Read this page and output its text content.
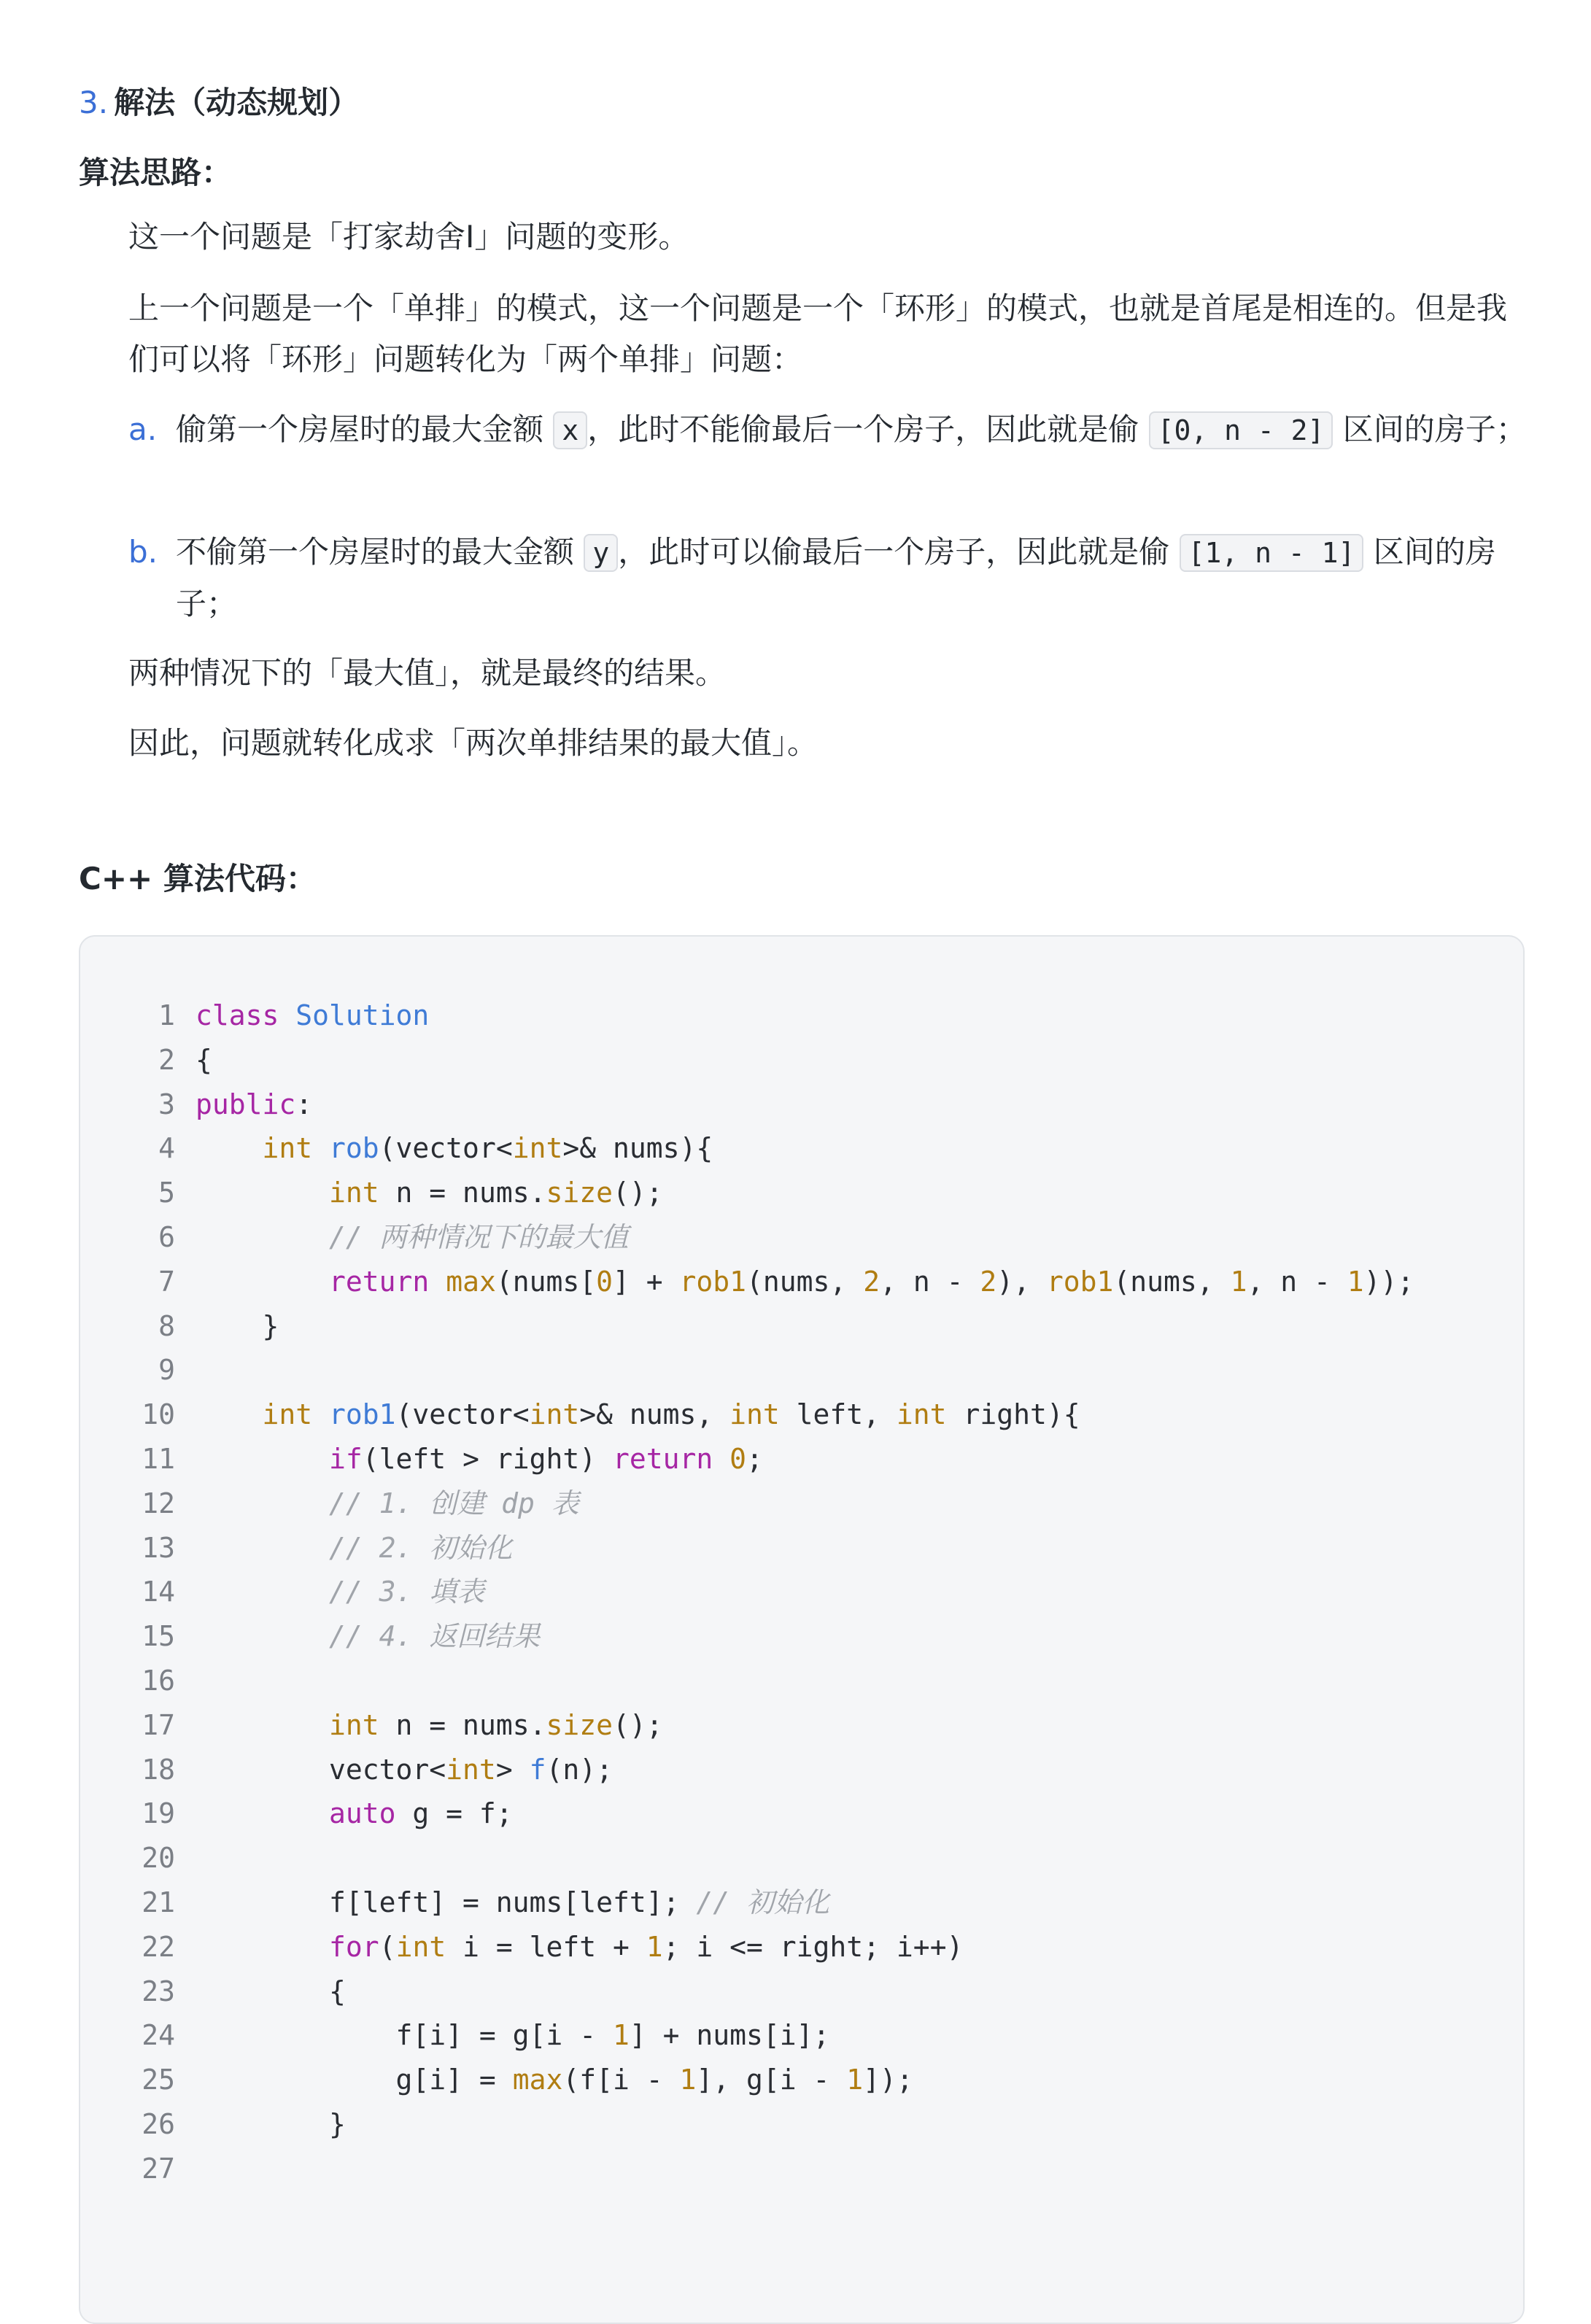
3. 解法（动态规划）
算法思路：
这一个问题是「打家劫舍I」问题的变形。
上一个问题是一个「单排」的模式，这一个问题是一个「环形」的模式，也就是首尾是相连的。但是我们可以将「环形」问题转化为「两个单排」问题：
a. 偷第一个房屋时的最大金额 x ，此时不能偷最后一个房子，因此就是偷 [0, n - 2] 区间的房子；
b. 不偷第一个房屋时的最大金额 y ，此时可以偷最后一个房子，因此就是偷 [1, n - 1] 区间的房子；
两种情况下的「最大值」，就是最终的结果。
因此，问题就转化成求「两次单排结果的最大值」。
C++ 算法代码：
1 class Solution
2 {
3 public:
4	int rob(vector<int>& nums){
5	int n = nums.size();
6	// 两种情况下的最大值
7	return max(nums[0] + rob1(nums, 2, n - 2), rob1(nums, 1, n - 1));
8 }
9
10	int rob1(vector<int>& nums, int left, int right){
11	if(left > right) return 0;
12	// 1. 创建 dp 表
13	// 2. 初始化
14	// 3. 填表
15	// 4. 返回结果
16
17	int n = nums.size();
18 vector<int> f(n);
19	auto g = f;
20
21 f[left] = nums[left]; // 初始化
22	for(int i = left + 1; i <= right; i++)
23 {
24 f[i] = g[i - 1] + nums[i];
25 g[i] = max(f[i - 1], g[i - 1]);
26 }
27
